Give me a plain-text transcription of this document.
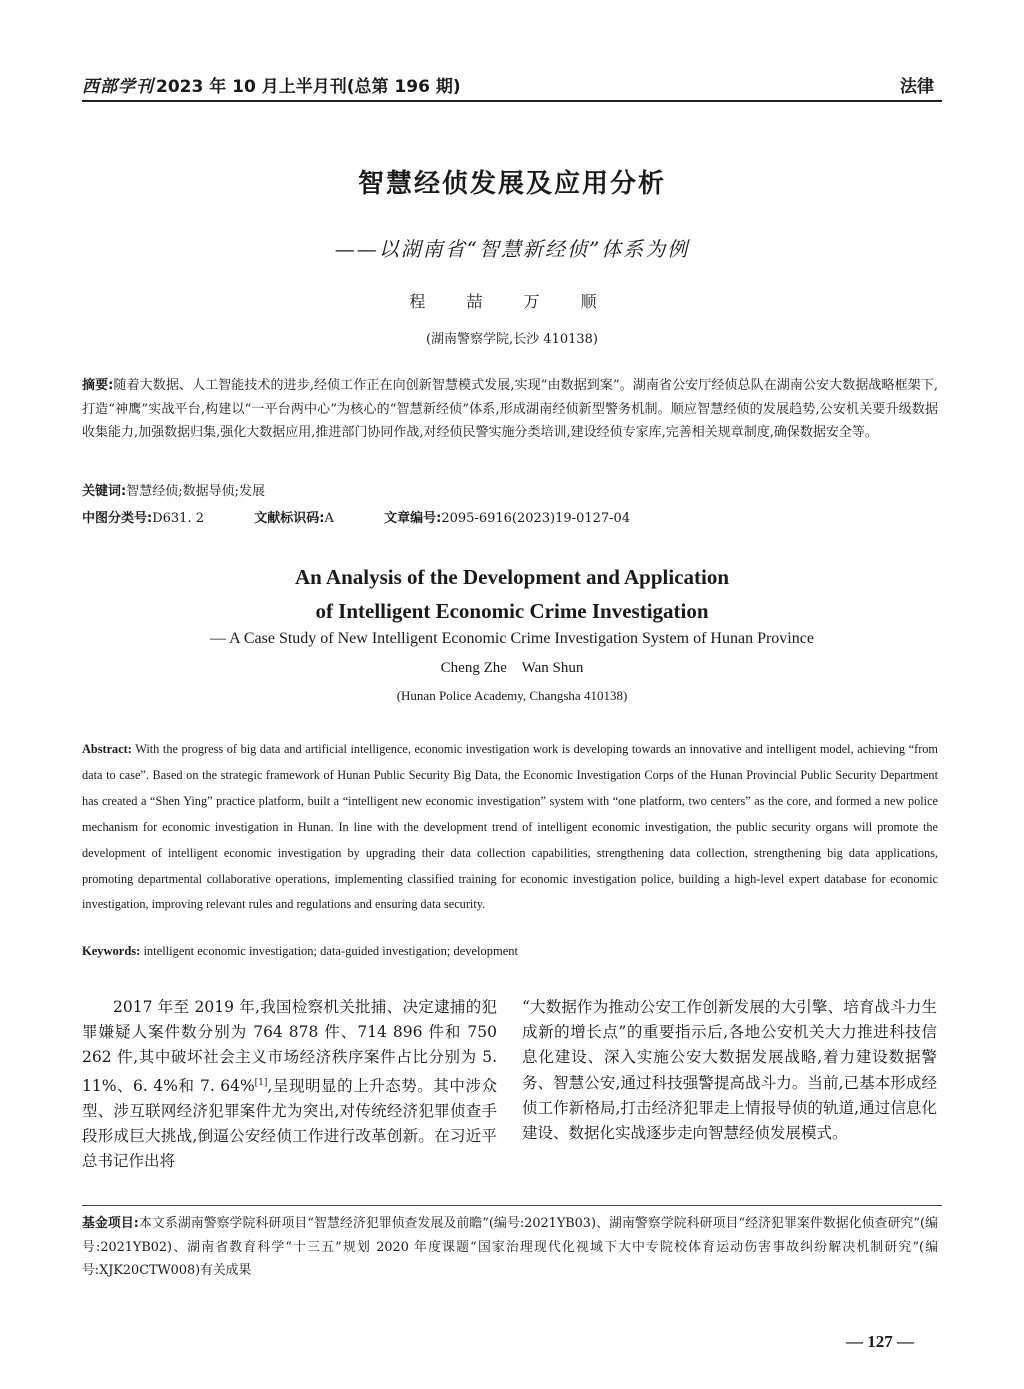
西部学刊 2023 年 10 月上半月刊(总第 196 期)	法律
智慧经侦发展及应用分析
——以湖南省“智慧新经侦”体系为例
程 喆 万 顺
(湖南警察学院,长沙 410138)
摘要:随着大数据、人工智能技术的进步,经侦工作正在向创新智慧模式发展,实现“由数据到案”。湖南省公安厅经侦总队在湖南公安大数据战略框架下,打造“神鹰”实战平台,构建以“一平台两中心”为核心的“智慧新经侦”体系,形成湖南经侦新型警务机制。顺应智慧经侦的发展趋势,公安机关要升级数据收集能力,加强数据归集,强化大数据应用,推进部门协同作战,对经侦民警实施分类培训,建设经侦专家库,完善相关规章制度,确保数据安全等。
关键词:智慧经侦;数据导侦;发展
中图分类号:D631. 2	文献标识码:A	文章编号:2095-6916(2023)19-0127-04
An Analysis of the Development and Application
of Intelligent Economic Crime Investigation
— A Case Study of New Intelligent Economic Crime Investigation System of Hunan Province
Cheng Zhe    Wan Shun
(Hunan Police Academy, Changsha 410138)
Abstract: With the progress of big data and artificial intelligence, economic investigation work is developing towards an innovative and intelligent model, achieving “from data to case”. Based on the strategic framework of Hunan Public Security Big Data, the Economic Investigation Corps of the Hunan Provincial Public Security Department has created a “Shen Ying” practice platform, built a “intelligent new economic investigation” system with “one platform, two centers” as the core, and formed a new police mechanism for economic investigation in Hunan. In line with the development trend of intelligent economic investigation, the public security organs will promote the development of intelligent economic investigation by upgrading their data collection capabilities, strengthening data collection, strengthening big data applications, promoting departmental collaborative operations, implementing classified training for economic investigation police, building a high-level expert database for economic investigation, improving relevant rules and regulations and ensuring data security.
Keywords: intelligent economic investigation; data-guided investigation; development
2017 年至 2019 年,我国检察机关批捕、决定逮捕的犯罪嫌疑人案件数分别为 764 878 件、714 896 件和 750 262 件,其中破坏社会主义市场经济秩序案件占比分别为 5. 11%、6. 4%和 7. 64%[1],呈现明显的上升态势。其中涉众型、涉互联网经济犯罪案件尤为突出,对传统经济犯罪侦查手段形成巨大挑战,倒逼公安经侦工作进行改革创新。在习近平总书记作出将
“大数据作为推动公安工作创新发展的大引擎、培育战斗力生成新的增长点”的重要指示后,各地公安机关大力推进科技信息化建设、深入实施公安大数据发展战略,着力建设数据警务、智慧公安,通过科技强警提高战斗力。当前,已基本形成经侦工作新格局,打击经济犯罪走上情报导侦的轨道,通过信息化建设、数据化实战逐步走向智慧经侦发展模式。
基金项目:本文系湖南警察学院科研项目“智慧经济犯罪侦查发展及前瞻”(编号:2021YB03)、湖南警察学院科研项目“经济犯罪案件数据化侦查研究”(编号:2021YB02)、湖南省教育科学“十三五”规划 2020 年度课题“国家治理现代化视域下大中专院校体育运动伤害事故纠纷解决机制研究”(编号:XJK20CTW008)有关成果
— 127 —
